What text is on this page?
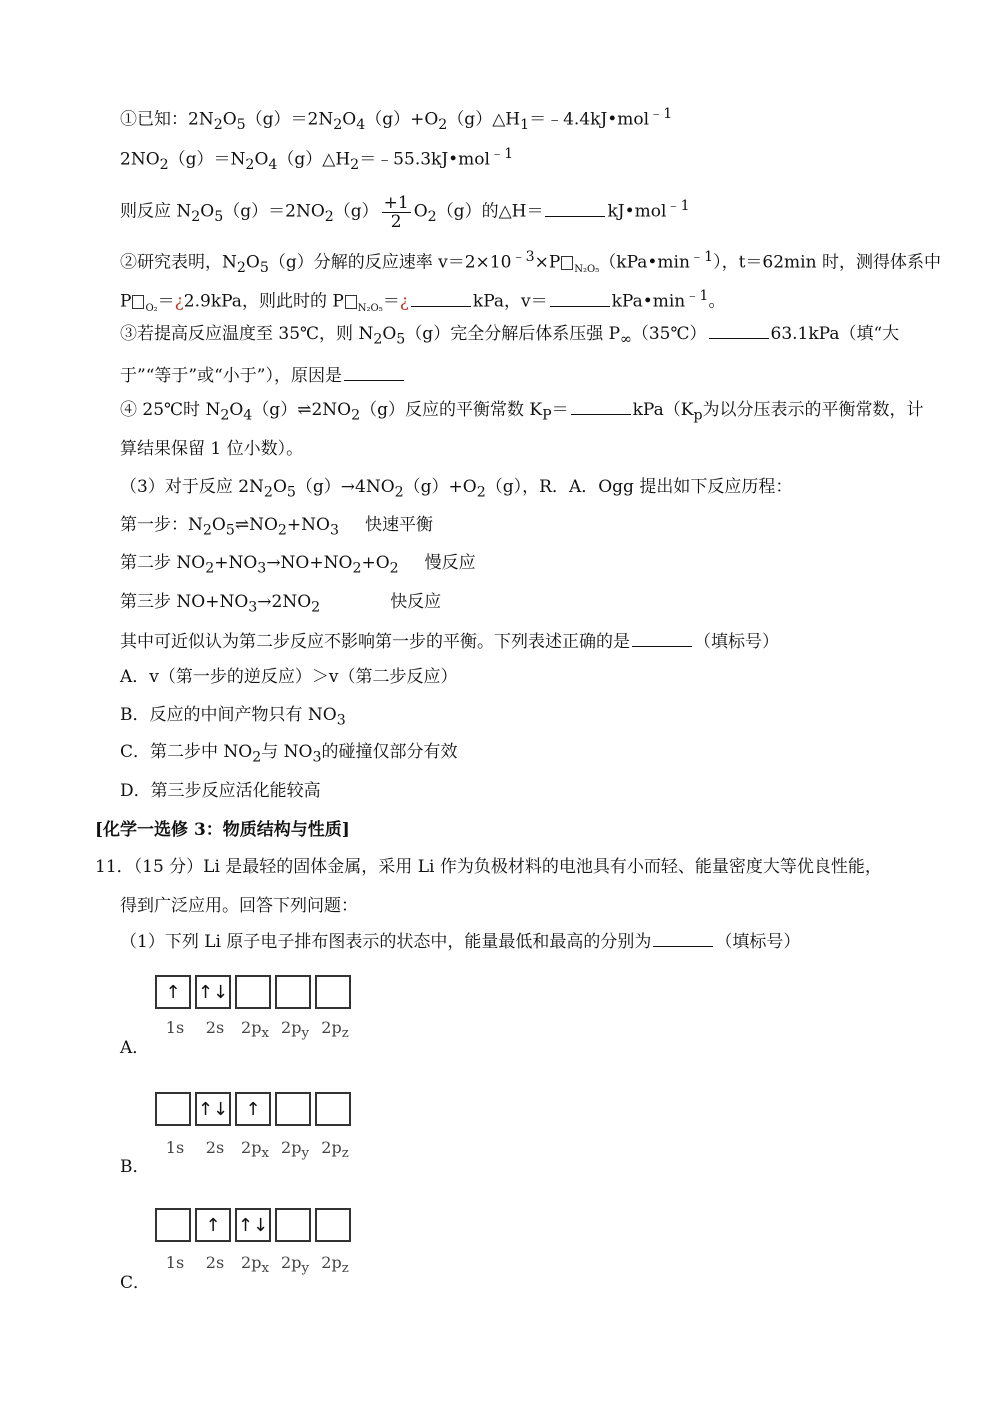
①已知：$2N_2O_5(g)=2N_2O_4(g)+O_2(g)\triangle H_1=﹣4.4kJ•mol^{﹣1}$
$2NO_2(g)=N_2O_4(g)\triangle H_2=﹣55.3kJ•mol^{﹣1}$
则反应 $N_2O_5(g)=2NO_2(g) \frac{+1}{2} O_2(g)$的△H＝	kJ•mol$^{﹣1}$
②研究表明，$N_2O_5(g)$分解的反应速率 $v=2\times 10^{﹣3}\times P$ $_{N_2O_5}(kPa•\min^{﹣1})$，t＝62min 时，测得体系中
P $_{O_2}$＝¿2.9kPa，则此时的 P $_{N_2O_5}$＝¿	kPa，v＝	$kPa•\min^{﹣1}$。
③若提高反应温度至 35℃，则 $N_2O_5(g)$完全分解后体系压强 $P_\infty(35℃)$	63.1kPa（填“大
于”“等于”或“小于”），原因是
④ 25℃时 $N_2O_4(g)\rightleftharpoons 2NO_2(g)$反应的平衡常数 $K_P=$	$kPa(K_p$为以分压表示的平衡常数，计
算结果保留 1 位小数）。
（3）对于反应 $2N_2O_5(g)\to 4NO_2(g)+O_2(g)$，R．A．Ogg 提出如下反应历程：
第一步：$N_2O_5\rightleftharpoons NO_2+NO_3$ 快速平衡
第二步 $NO_2+NO_3\to NO+NO_2+O_2$ 慢反应
第三步 $NO+NO_3\to 2NO_2$	快反应
其中可近似认为第二步反应不影响第一步的平衡。下列表述正确的是	（填标号）
A．v（第一步的逆反应）＞v（第二步反应）
B．反应的中间产物只有 $NO_3$
C．第二步中 $NO_2$与 $NO_3$的碰撞仅部分有效
D．第三步反应活化能较高
[化学一选修 3：物质结构与性质]
11．（15 分）Li 是最轻的固体金属，采用 Li 作为负极材料的电池具有小而轻、能量密度大等优良性能，
得到广泛应用。回答下列问题：
（1）下列 Li 原子电子排布图表示的状态中，能量最低和最高的分别为	（填标号）
↑ ↑↓
1s	2s	$2p_x$ $2p_y$ $2p_z$
A．
↑↓ ↑
1s	2s	$2p_x$ $2p_y$ $2p_z$
B．
↑ ↑↓
1s	2s	$2p_x$ $2p_y$ $2p_z$
C．
